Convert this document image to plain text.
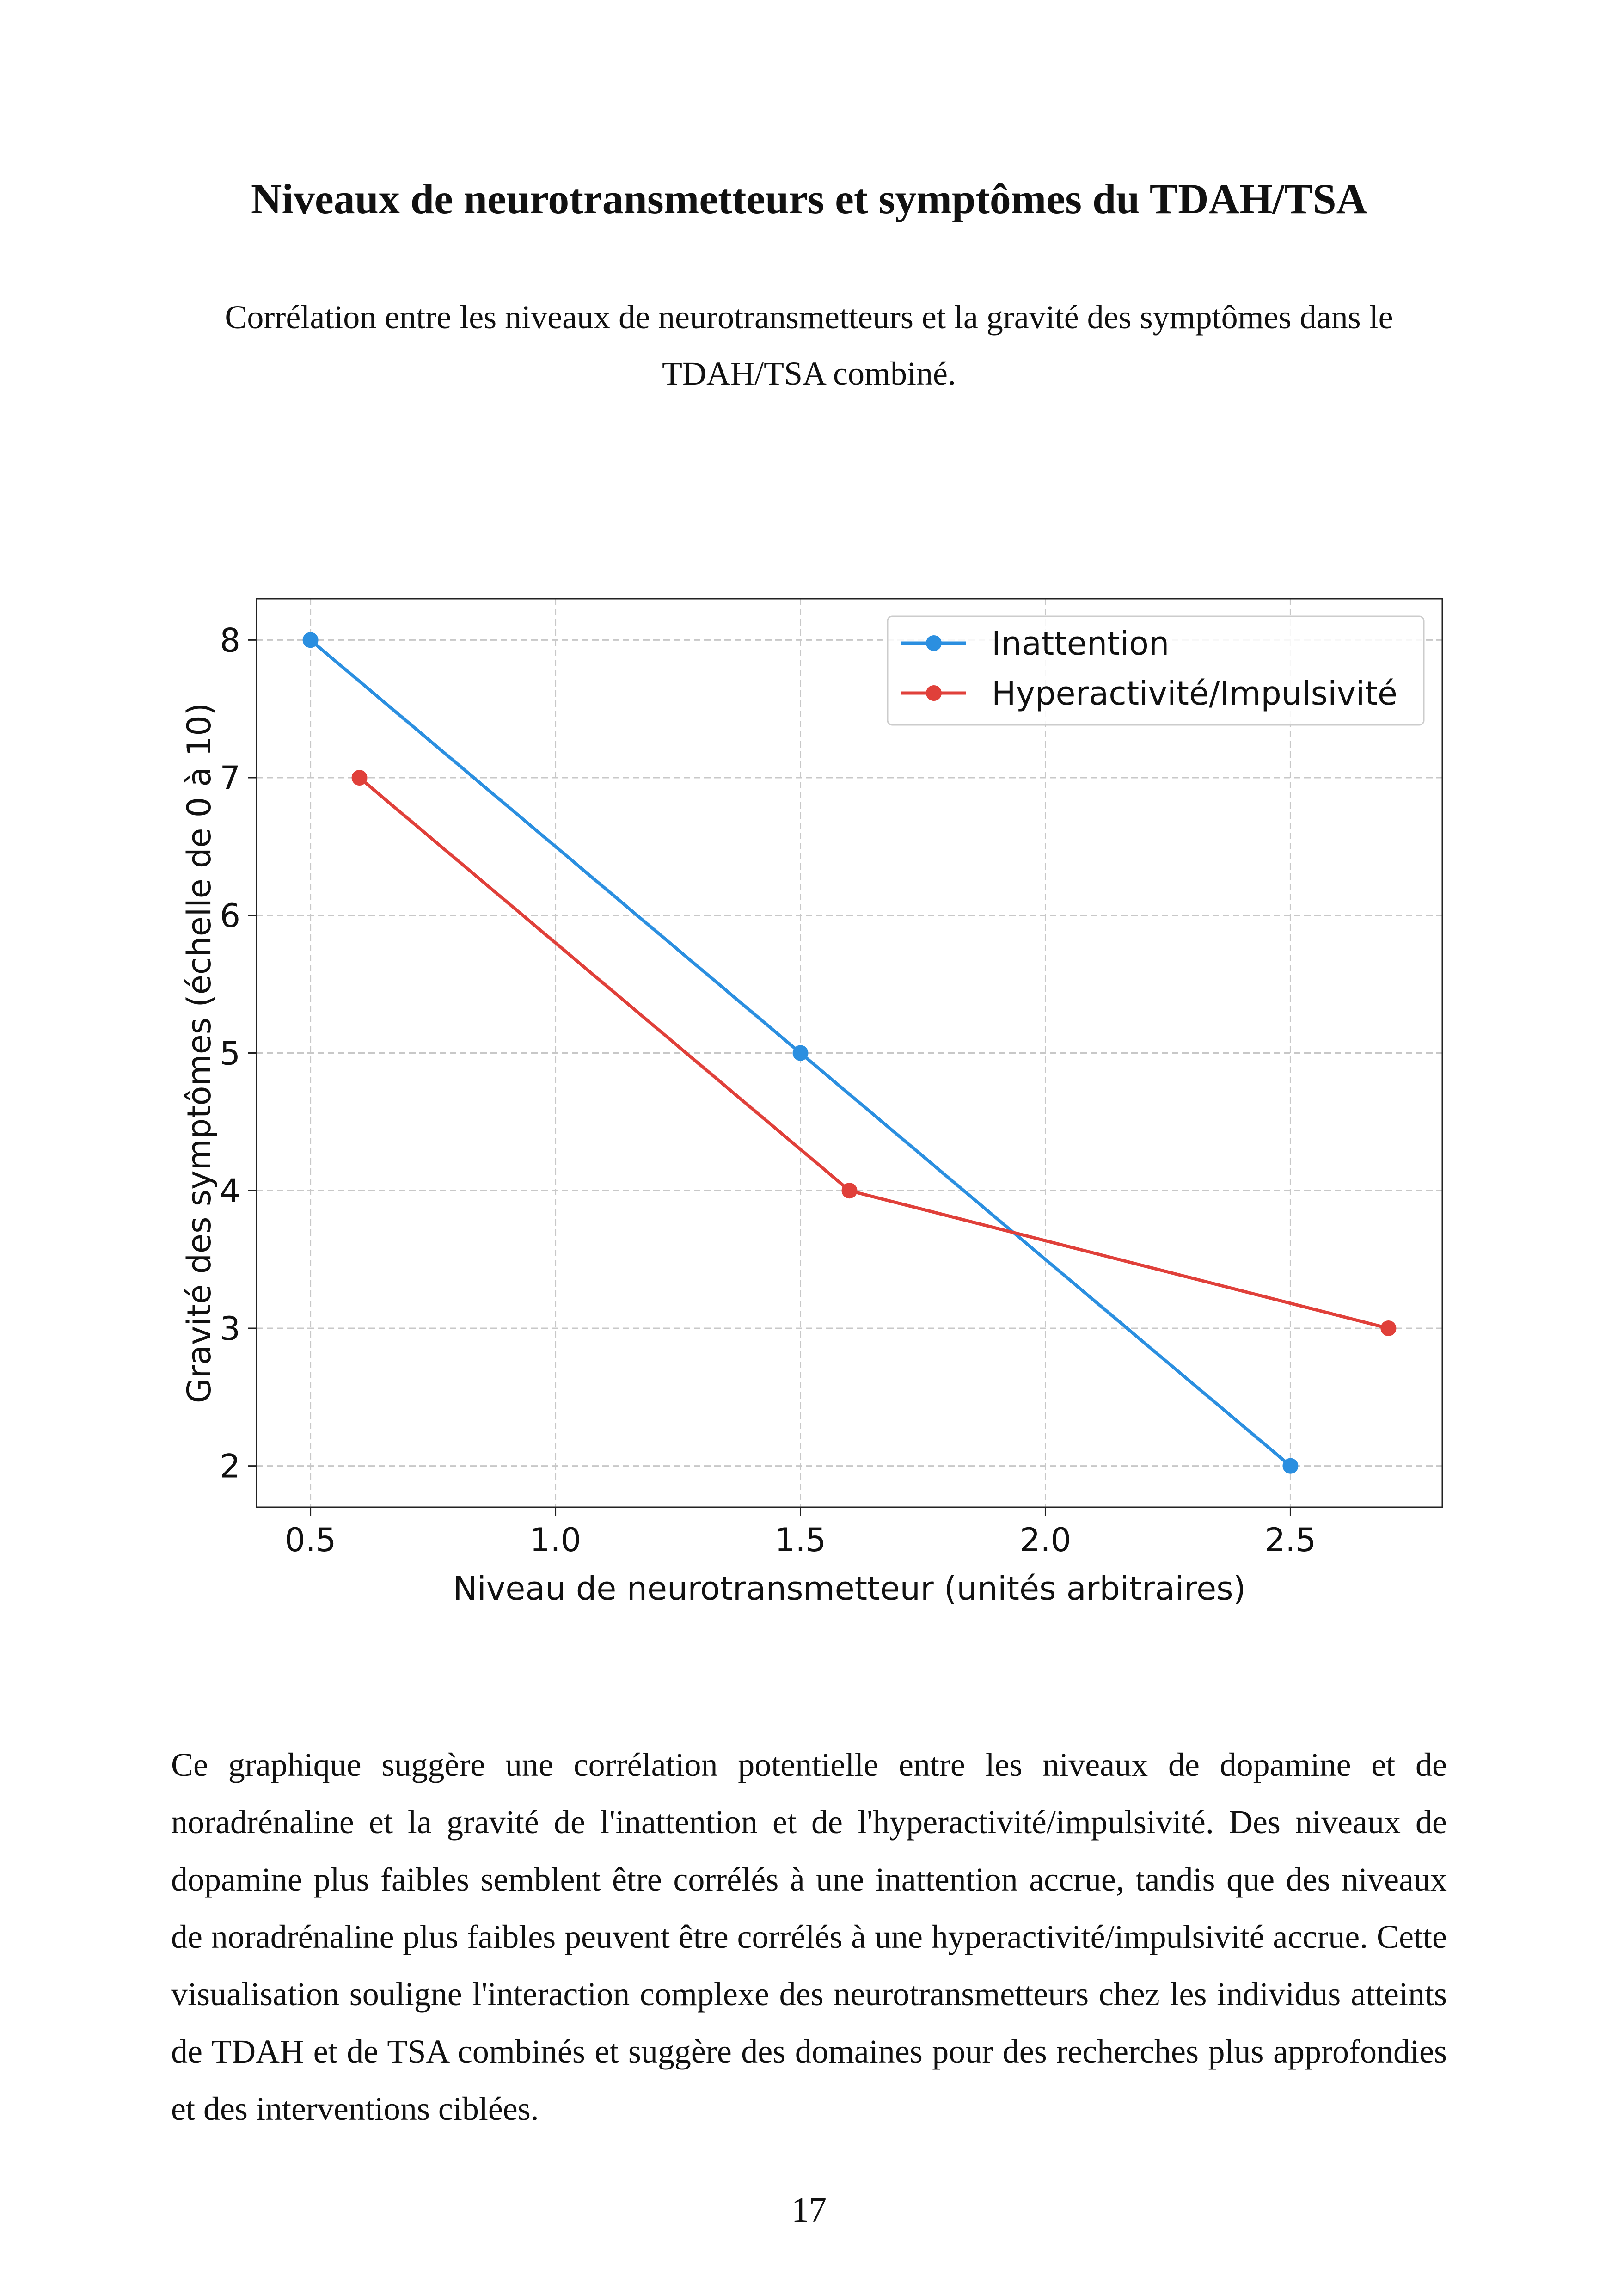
Niveaux de neurotransmetteurs et symptômes du TDAH/TSA

Corrélation entre les niveaux de neurotransmetteurs et la gravité des symptômes dans le TDAH/TSA combiné.

0.5	1.0	1.5	2.0	2.5
2
3
4
5
6
7
8
Niveau de neurotransmetteur (unités arbitraires)
Gravité des symptômes (échelle de 0 à 10)
Inattention
Hyperactivité/Impulsivité

Ce graphique suggère une corrélation potentielle entre les niveaux de dopamine et de noradrénaline et la gravité de l'inattention et de l'hyperactivité/impulsivité. Des niveaux de dopamine plus faibles semblent être corrélés à une inattention accrue, tandis que des niveaux de noradrénaline plus faibles peuvent être corrélés à une hyperactivité/impulsivité accrue. Cette visualisation souligne l'interaction complexe des neurotransmetteurs chez les individus atteints de TDAH et de TSA combinés et suggère des domaines pour des recherches plus approfondies et des interventions ciblées.

17
